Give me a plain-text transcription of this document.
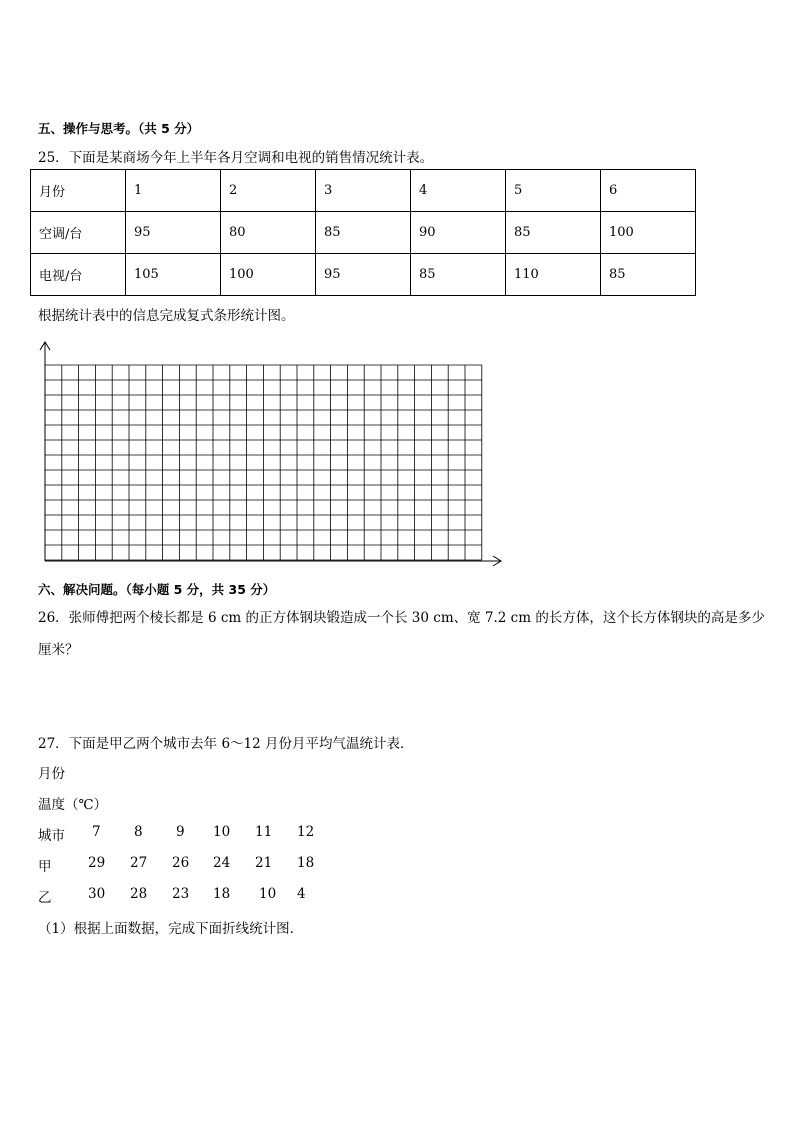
五、操作与思考。（共 5 分）
25．下面是某商场今年上半年各月空调和电视的销售情况统计表。
月份	1	2	3	4	5	6
空调/台	95	80	85	90	85	100
电视/台	105	100	95	85	110	85
根据统计表中的信息完成复式条形统计图。
六、解决问题。（每小题 5 分，共 35 分）
26．张师傅把两个棱长都是 6 cm 的正方体钢块锻造成一个长 30 cm、宽 7.2 cm 的长方体，这个长方体钢块的高是多少
厘米？
27．下面是甲乙两个城市去年 6～12 月份月平均气温统计表．
月份
温度（℃）
城市 7 8 9 10 11 12
甲	29 27 26 24 21 18
乙	30 28 23 18 10 4
（1）根据上面数据，完成下面折线统计图．
